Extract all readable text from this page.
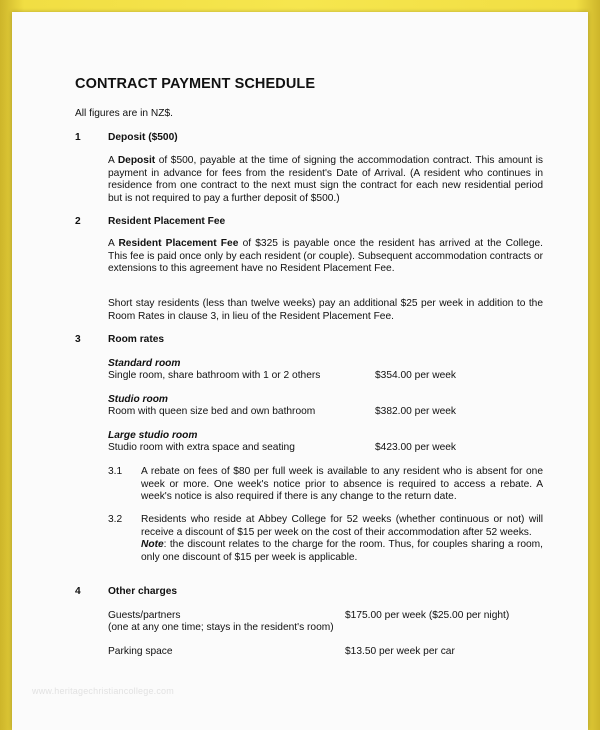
CONTRACT PAYMENT SCHEDULE
All figures are in NZ$.
1	Deposit ($500)
A Deposit of $500, payable at the time of signing the accommodation contract. This amount is payment in advance for fees from the resident's Date of Arrival. (A resident who continues in residence from one contract to the next must sign the contract for each new residential period but is not required to pay a further deposit of $500.)
2	Resident Placement Fee
A Resident Placement Fee of $325 is payable once the resident has arrived at the College. This fee is paid once only by each resident (or couple). Subsequent accommodation contracts or extensions to this agreement have no Resident Placement Fee.
Short stay residents (less than twelve weeks) pay an additional $25 per week in addition to the Room Rates in clause 3, in lieu of the Resident Placement Fee.
3	Room rates
Standard room
Single room, share bathroom with 1 or 2 others	$354.00 per week
Studio room
Room with queen size bed and own bathroom	$382.00 per week
Large studio room
Studio room with extra space and seating	$423.00 per week
3.1 A rebate on fees of $80 per full week is available to any resident who is absent for one week or more. One week's notice prior to absence is required to access a rebate. A week's notice is also required if there is any change to the return date.
3.2 Residents who reside at Abbey College for 52 weeks (whether continuous or not) will receive a discount of $15 per week on the cost of their accommodation after 52 weeks.
Note: the discount relates to the charge for the room. Thus, for couples sharing a room, only one discount of $15 per week is applicable.
4	Other charges
Guests/partners	$175.00 per week ($25.00 per night)
(one at any one time; stays in the resident's room)
Parking space	$13.50 per week per car
www.heritagechristiancollege.com
